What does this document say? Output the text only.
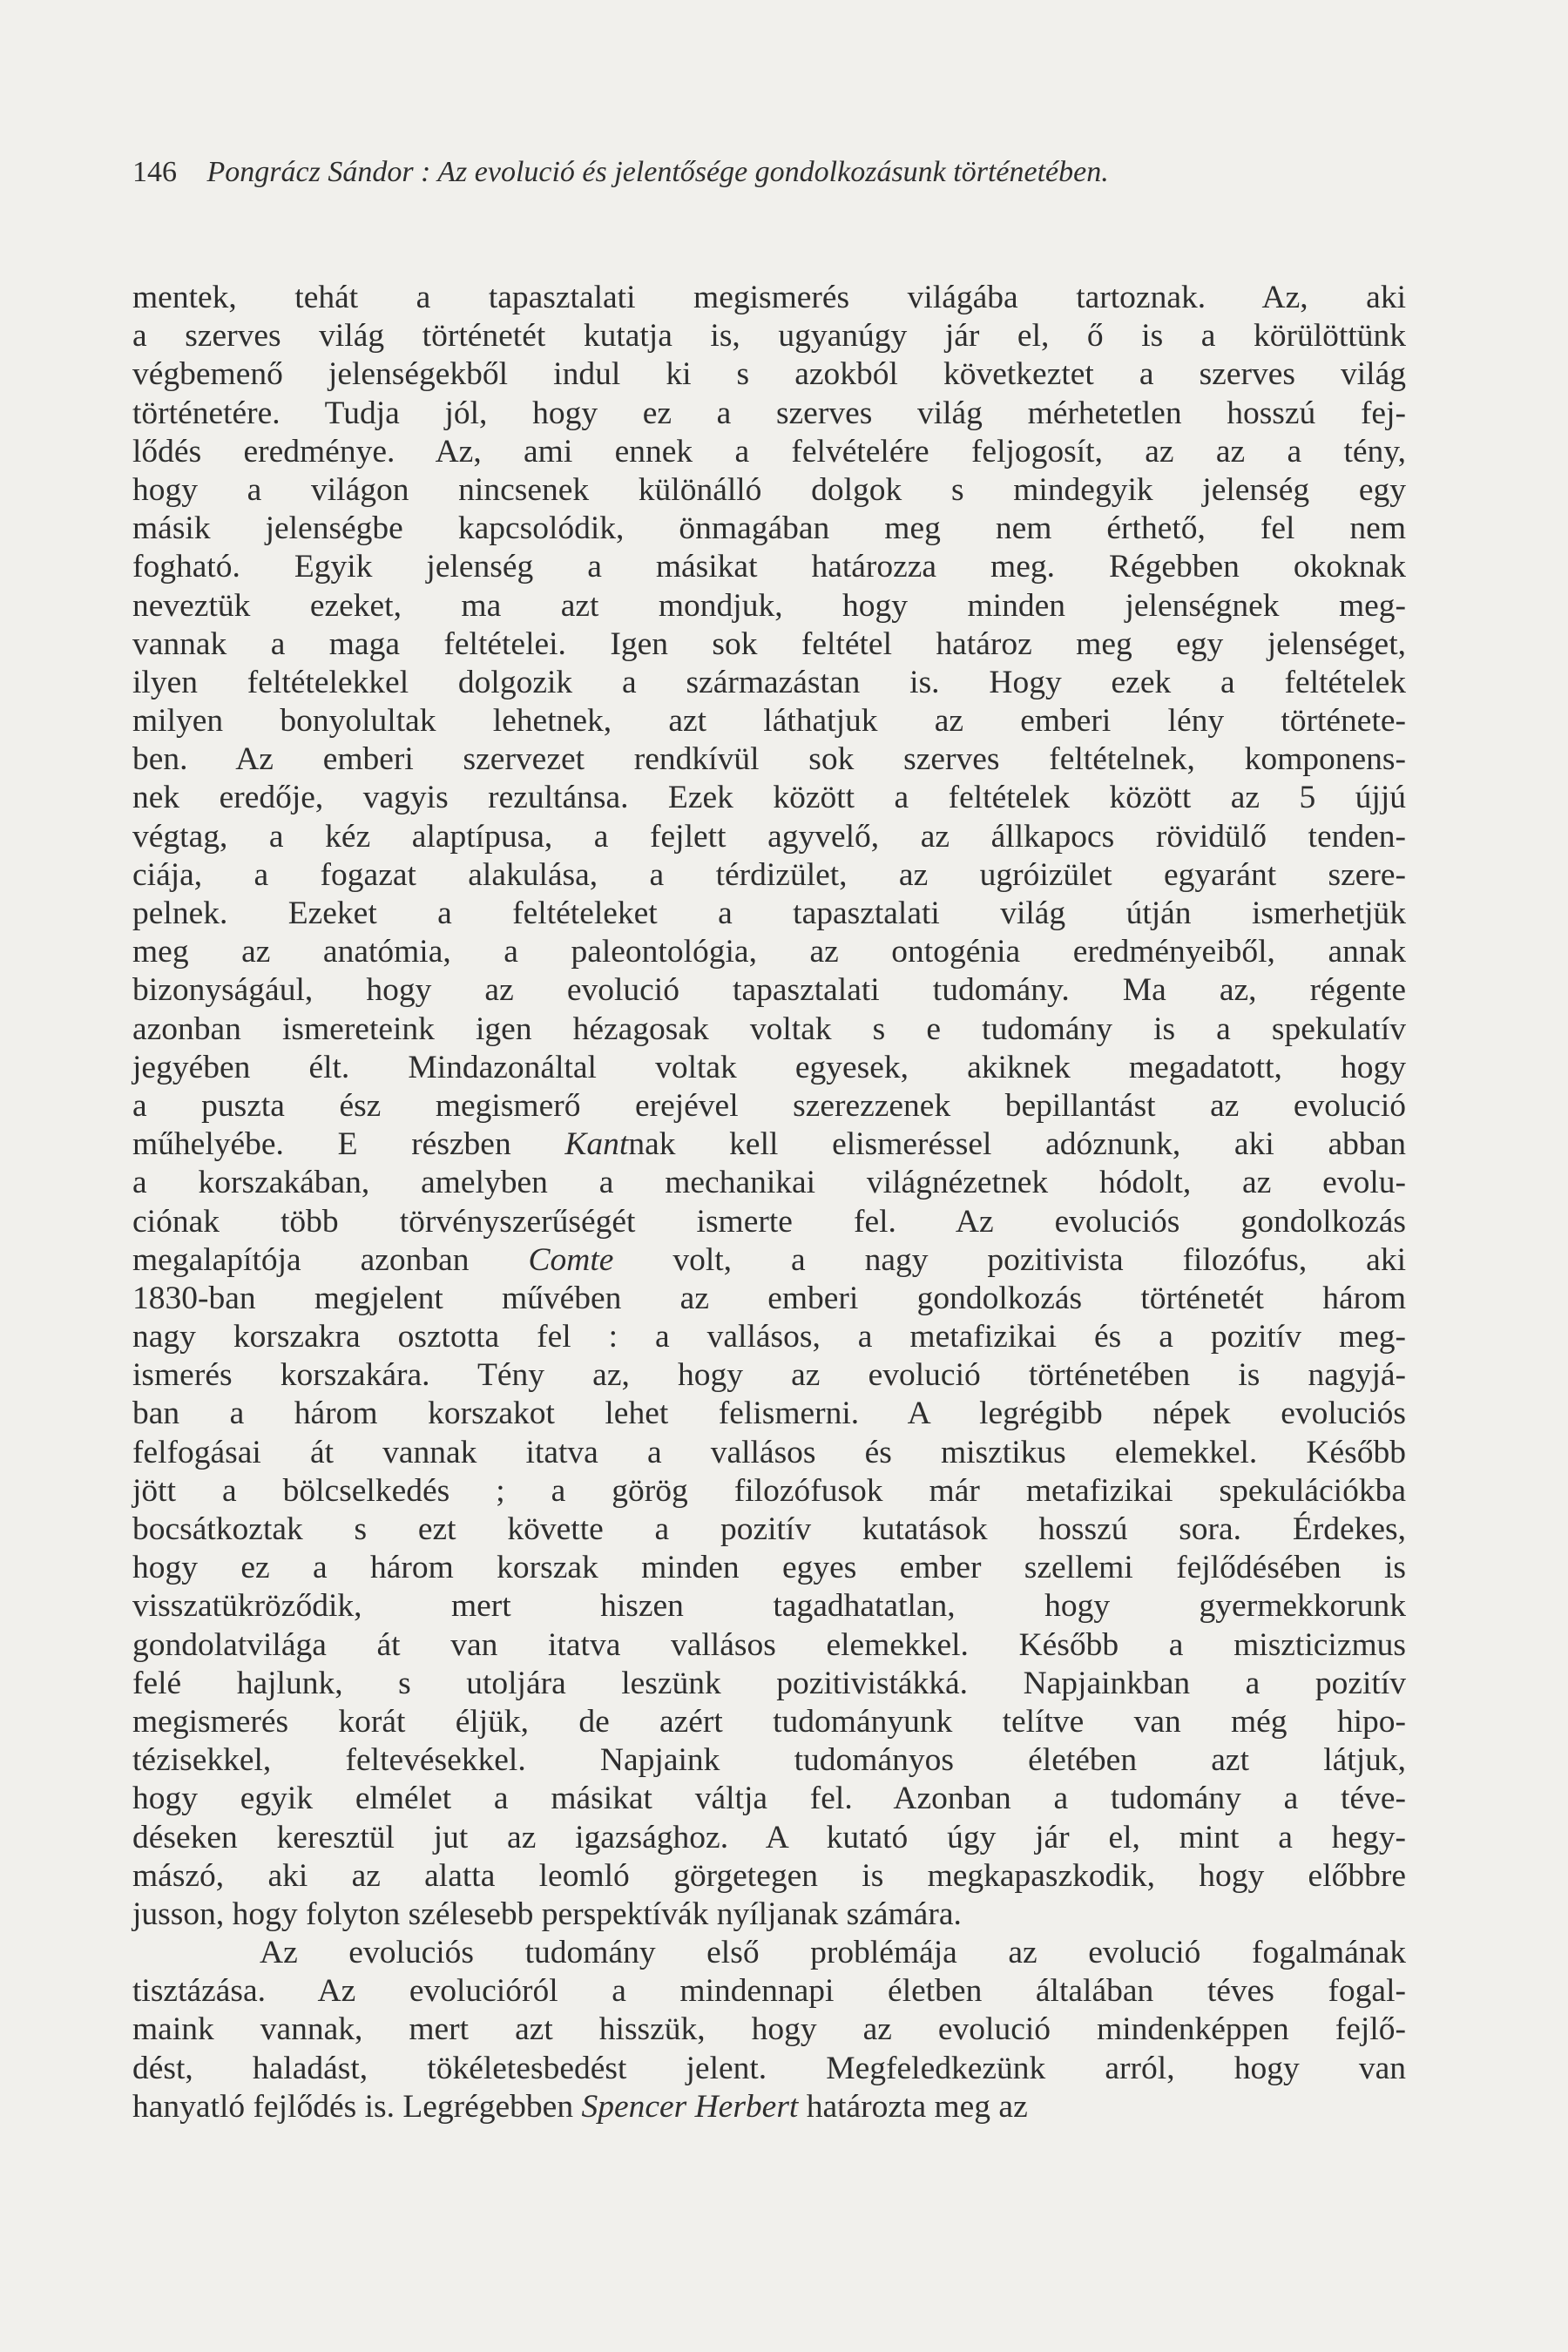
146 Pongrácz Sándor : Az evolució és jelentősége gondolkozásunk történetében.
mentek, tehát a tapasztalati megismerés világába tartoznak. Az, aki
a szerves világ történetét kutatja is, ugyanúgy jár el, ő is a körülöttünk
végbemenő jelenségekből indul ki s azokból következtet a szerves világ
történetére. Tudja jól, hogy ez a szerves világ mérhetetlen hosszú fej-
lődés eredménye. Az, ami ennek a felvételére feljogosít, az az a tény,
hogy a világon nincsenek különálló dolgok s mindegyik jelenség egy
másik jelenségbe kapcsolódik, önmagában meg nem érthető, fel nem
fogható. Egyik jelenség a másikat határozza meg. Régebben okoknak
neveztük ezeket, ma azt mondjuk, hogy minden jelenségnek meg-
vannak a maga feltételei. Igen sok feltétel határoz meg egy jelenséget,
ilyen feltételekkel dolgozik a származástan is. Hogy ezek a feltételek
milyen bonyolultak lehetnek, azt láthatjuk az emberi lény története-
ben. Az emberi szervezet rendkívül sok szerves feltételnek, komponens-
nek eredője, vagyis rezultánsa. Ezek között a feltételek között az 5 újjú
végtag, a kéz alaptípusa, a fejlett agyvelő, az állkapocs rövidülő tenden-
ciája, a fogazat alakulása, a térdizület, az ugróizület egyaránt szere-
pelnek. Ezeket a feltételeket a tapasztalati világ útján ismerhetjük
meg az anatómia, a paleontológia, az ontogénia eredményeiből, annak
bizonyságául, hogy az evolució tapasztalati tudomány. Ma az, régente
azonban ismereteink igen hézagosak voltak s e tudomány is a spekulatív
jegyében élt. Mindazonáltal voltak egyesek, akiknek megadatott, hogy
a puszta ész megismerő erejével szerezzenek bepillantást az evolució
műhelyébe. E részben Kantnak kell elismeréssel adóznunk, aki abban
a korszakában, amelyben a mechanikai világnézetnek hódolt, az evolu-
ciónak több törvényszerűségét ismerte fel. Az evoluciós gondolkozás
megalapítója azonban Comte volt, a nagy pozitivista filozófus, aki
1830-ban megjelent művében az emberi gondolkozás történetét három
nagy korszakra osztotta fel : a vallásos, a metafizikai és a pozitív meg-
ismerés korszakára. Tény az, hogy az evolució történetében is nagyjá-
ban a három korszakot lehet felismerni. A legrégibb népek evoluciós
felfogásai át vannak itatva a vallásos és misztikus elemekkel. Később
jött a bölcselkedés ; a görög filozófusok már metafizikai spekulációkba
bocsátkoztak s ezt követte a pozitív kutatások hosszú sora. Érdekes,
hogy ez a három korszak minden egyes ember szellemi fejlődésében is
visszatükröződik, mert hiszen tagadhatatlan, hogy gyermekkorunk
gondolatvilága át van itatva vallásos elemekkel. Később a miszticizmus
felé hajlunk, s utoljára leszünk pozitivistákká. Napjainkban a pozitív
megismerés korát éljük, de azért tudományunk telítve van még hipo-
tézisekkel, feltevésekkel. Napjaink tudományos életében azt látjuk,
hogy egyik elmélet a másikat váltja fel. Azonban a tudomány a téve-
déseken keresztül jut az igazsághoz. A kutató úgy jár el, mint a hegy-
mászó, aki az alatta leomló görgetegen is megkapaszkodik, hogy előbbre
jusson, hogy folyton szélesebb perspektívák nyíljanak számára.
Az evoluciós tudomány első problémája az evolució fogalmának
tisztázása. Az evolucióról a mindennapi életben általában téves fogal-
maink vannak, mert azt hisszük, hogy az evolució mindenképpen fejlő-
dést, haladást, tökéletesbedést jelent. Megfeledkezünk arról, hogy van
hanyatló fejlődés is. Legrégebben Spencer Herbert határozta meg az
